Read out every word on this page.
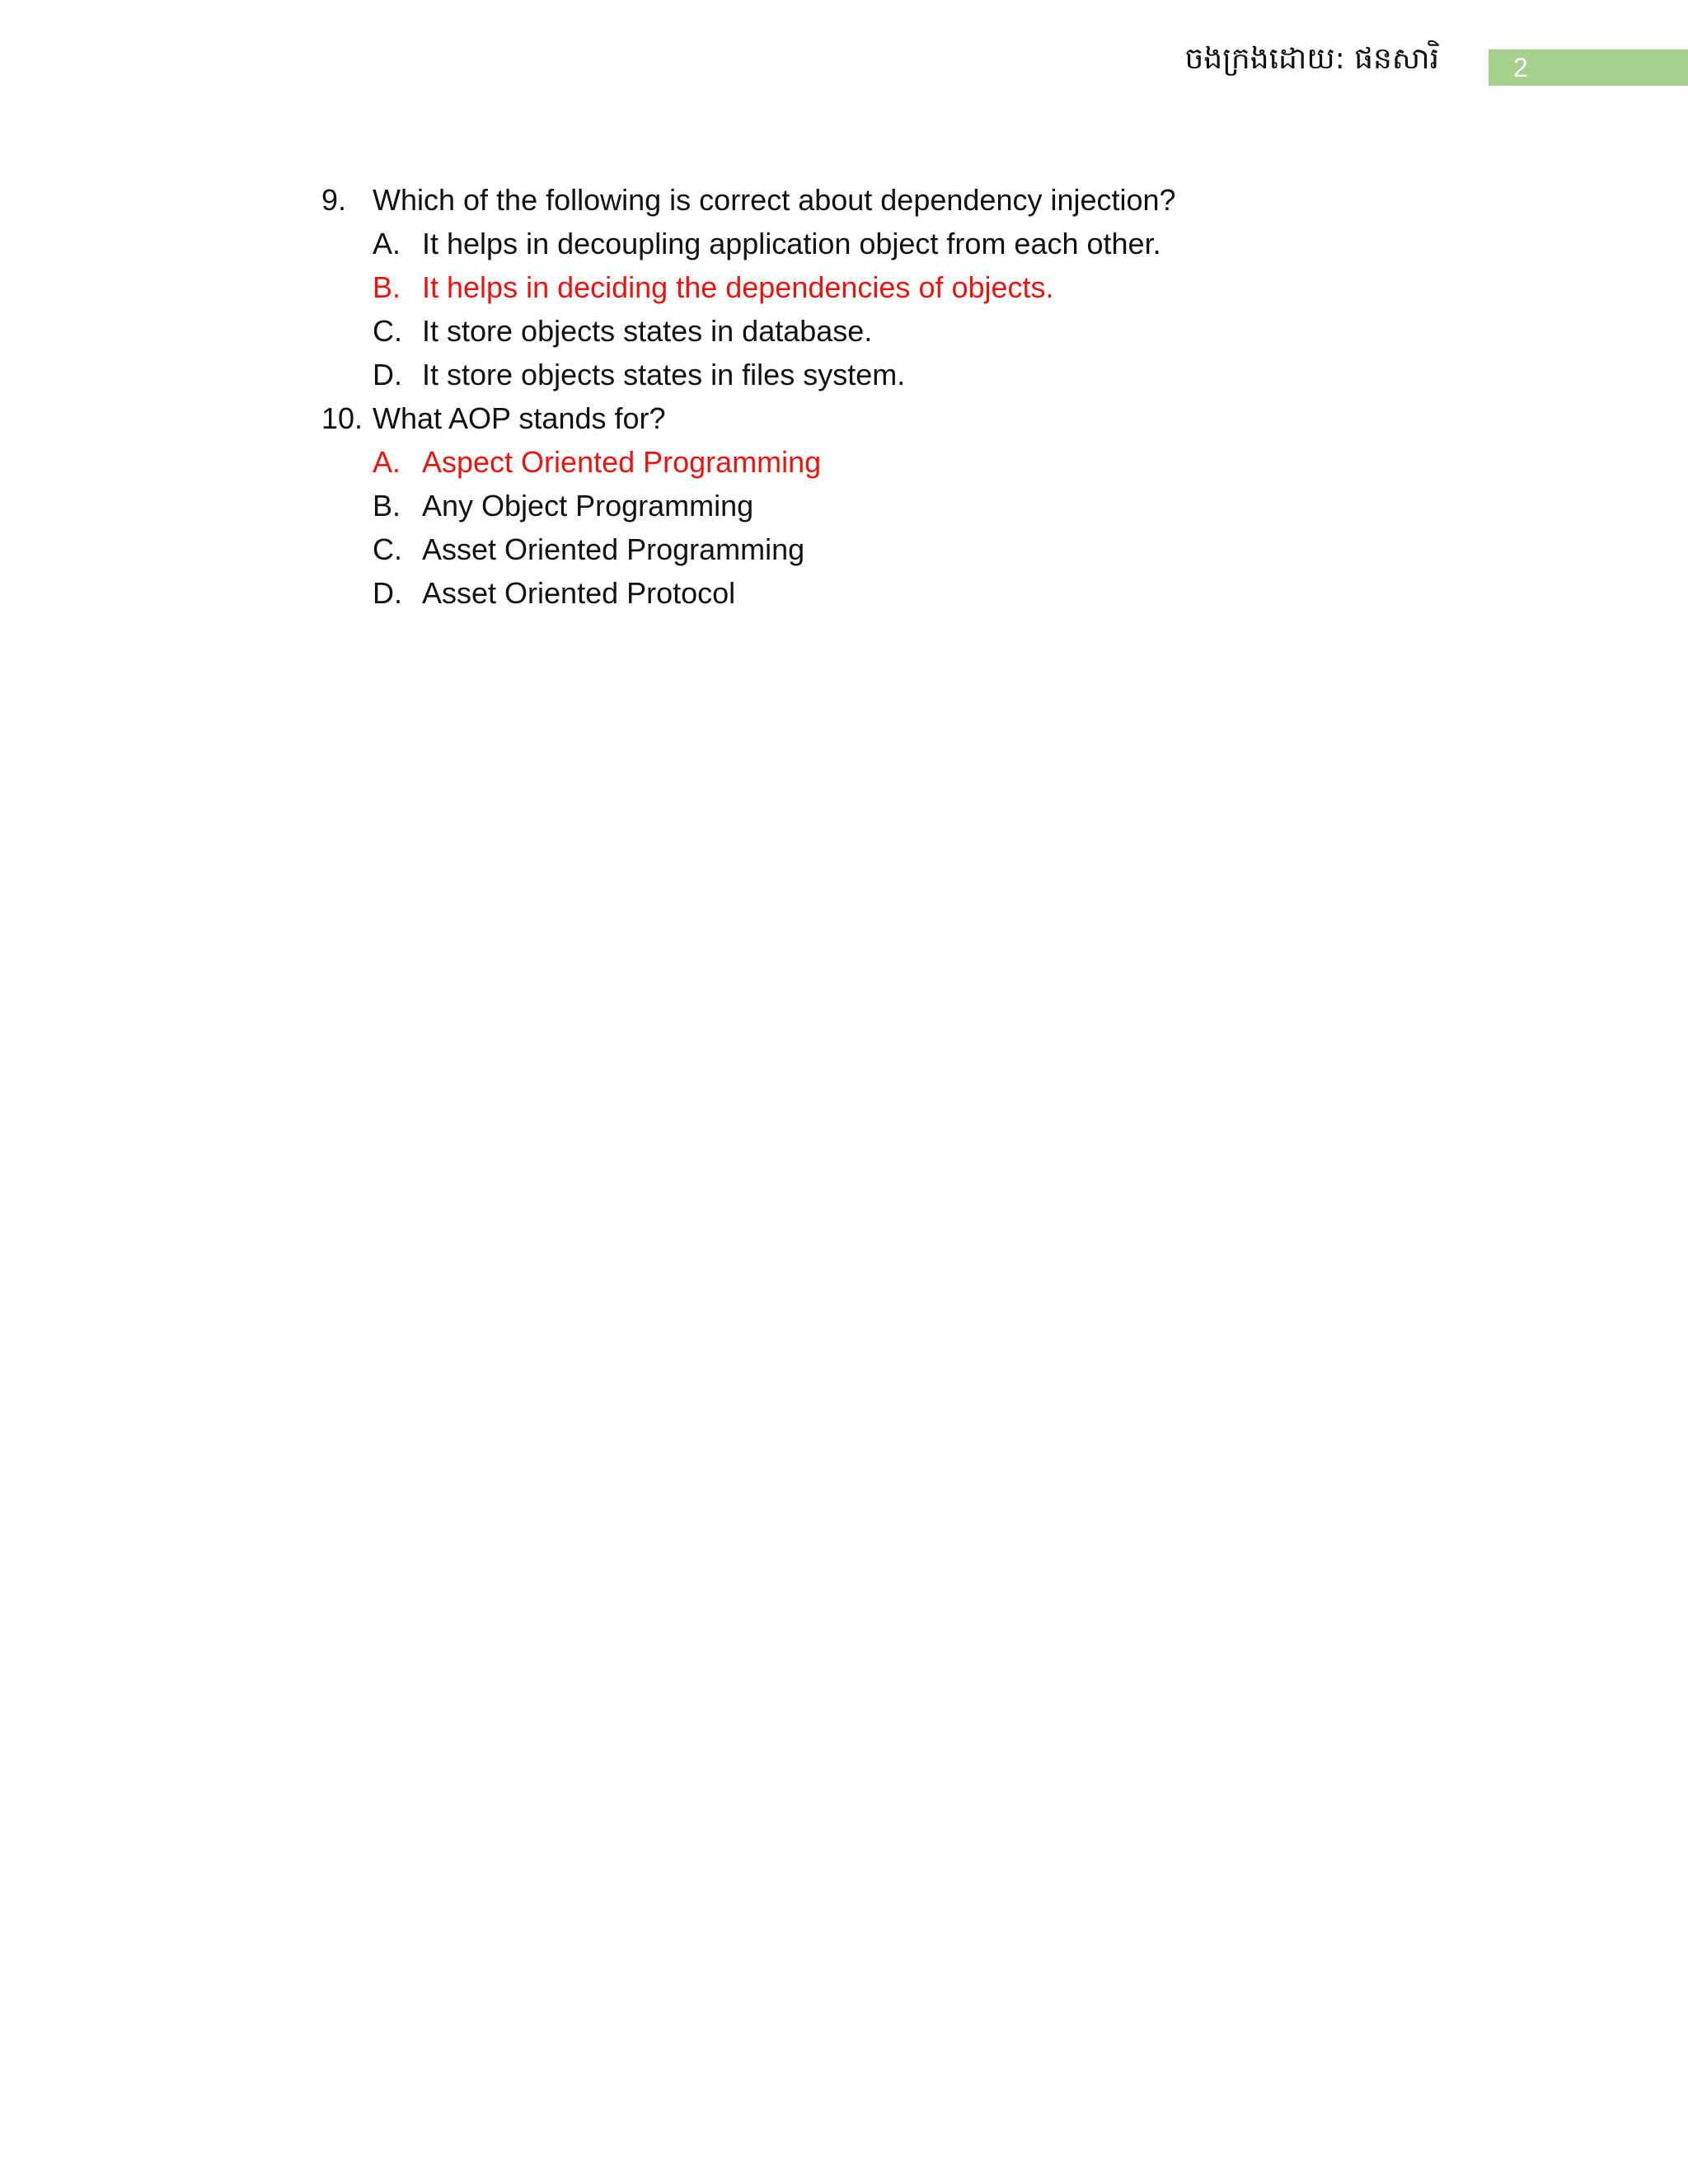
ចងក្រងដោយ: ផនសារិ	2
9. Which of the following is correct about dependency injection?
A. It helps in decoupling application object from each other.
B. It helps in deciding the dependencies of objects.
C. It store objects states in database.
D. It store objects states in files system.
10. What AOP stands for?
A. Aspect Oriented Programming
B. Any Object Programming
C. Asset Oriented Programming
D. Asset Oriented Protocol
